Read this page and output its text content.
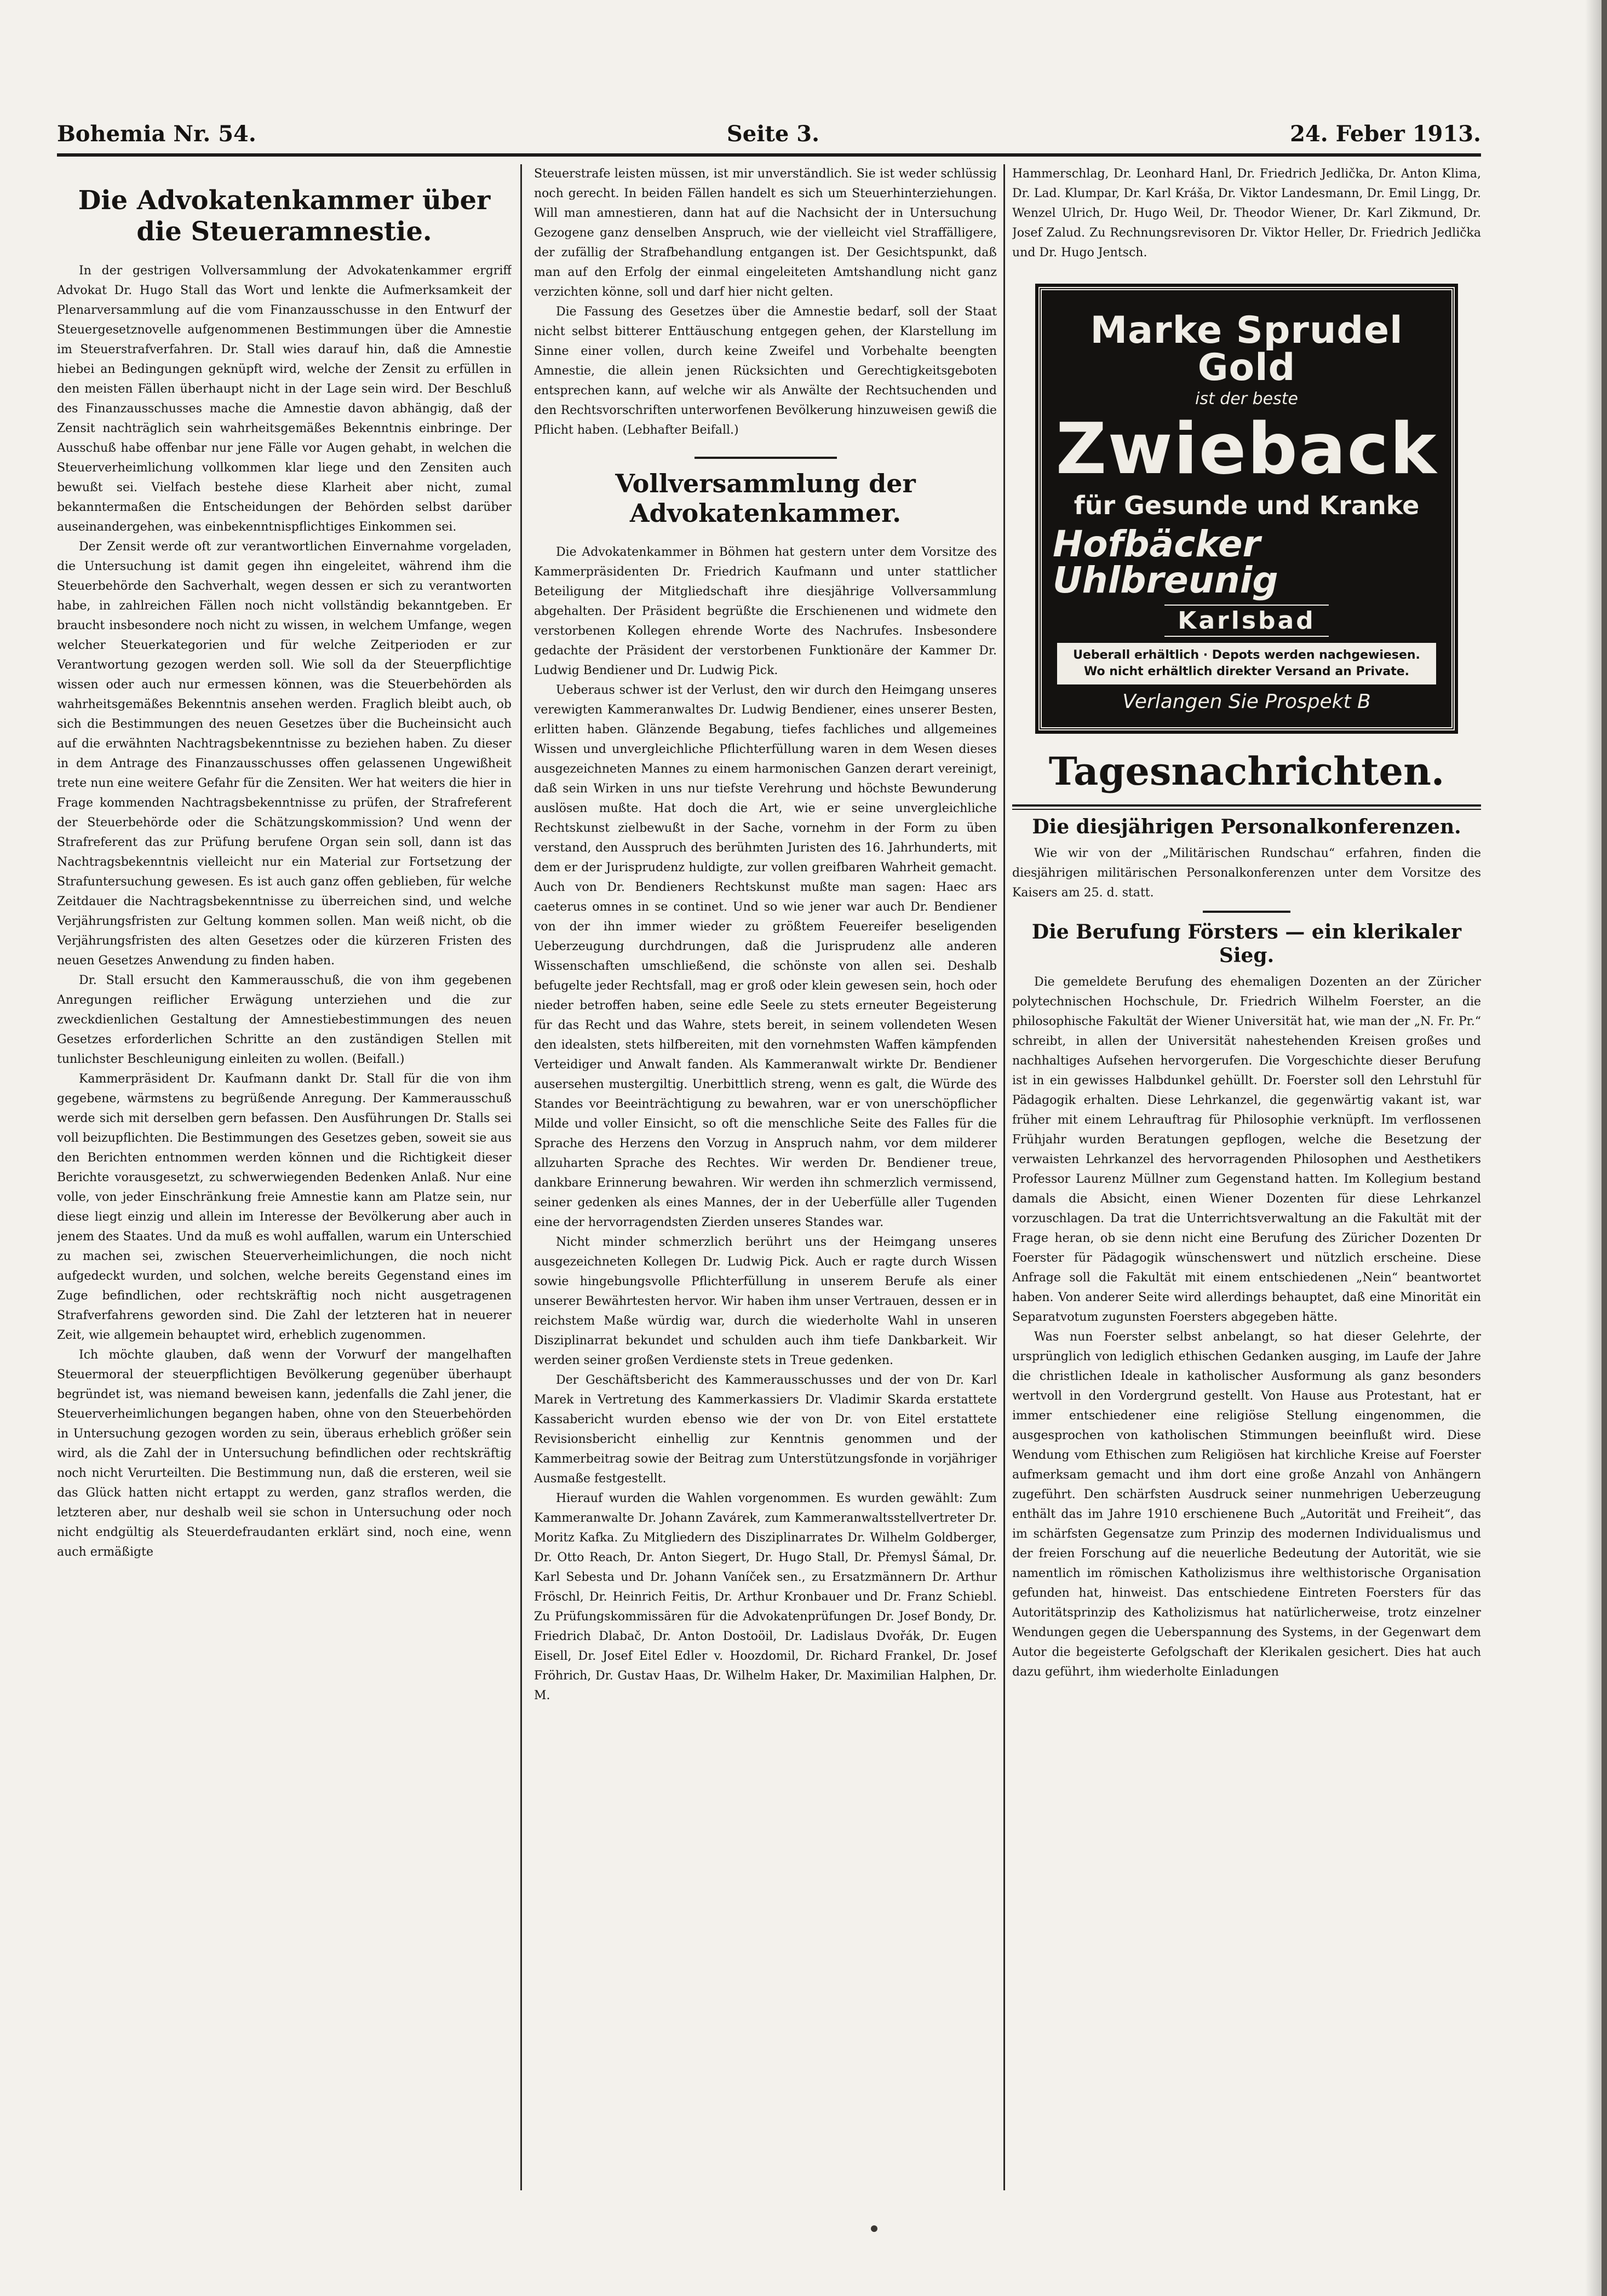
Bohemia Nr. 54.	Seite 3.	24. Feber 1913.
Die Advokatenkammer über die Steueramnestie.

In der gestrigen Vollversammlung der Advokatenkammer ergriff Advokat Dr. Hugo Stall das Wort und lenkte die Aufmerksamkeit der Plenarversammlung auf die vom Finanzausschusse in den Entwurf der Steuergesetznovelle aufgenommenen Bestimmungen über die Amnestie im Steuerstrafverfahren. Dr. Stall wies darauf hin, daß die Amnestie hiebei an Bedingungen geknüpft wird, welche der Zensit zu erfüllen in den meisten Fällen überhaupt nicht in der Lage sein wird. Der Beschluß des Finanzausschusses mache die Amnestie davon abhängig, daß der Zensit nachträglich sein wahrheitsgemäßes Bekenntnis einbringe. Der Ausschuß habe offenbar nur jene Fälle vor Augen gehabt, in welchen die Steuerverheimlichung vollkommen klar liege und den Zensiten auch bewußt sei. Vielfach bestehe diese Klarheit aber nicht, zumal bekanntermaßen die Entscheidungen der Behörden selbst darüber auseinandergehen, was einbekenntnispflichtiges Einkommen sei.

Der Zensit werde oft zur verantwortlichen Einvernahme vorgeladen, die Untersuchung ist damit gegen ihn eingeleitet, während ihm die Steuerbehörde den Sachverhalt, wegen dessen er sich zu verantworten habe, in zahlreichen Fällen noch nicht vollständig bekanntgeben. Er braucht insbesondere noch nicht zu wissen, in welchem Umfange, wegen welcher Steuerkategorien und für welche Zeitperioden er zur Verantwortung gezogen werden soll. Wie soll da der Steuerpflichtige wissen oder auch nur ermessen können, was die Steuerbehörden als wahrheitsgemäßes Bekenntnis ansehen werden. Fraglich bleibt auch, ob sich die Bestimmungen des neuen Gesetzes über die Bucheinsicht auch auf die erwähnten Nachtragsbekenntnisse zu beziehen haben. Zu dieser in dem Antrage des Finanzausschusses offen gelassenen Ungewißheit trete nun eine weitere Gefahr für die Zensiten. Wer hat weiters die hier in Frage kommenden Nachtragsbekenntnisse zu prüfen, der Strafreferent der Steuerbehörde oder die Schätzungskommission? Und wenn der Strafreferent das zur Prüfung berufene Organ sein soll, dann ist das Nachtragsbekenntnis vielleicht nur ein Material zur Fortsetzung der Strafuntersuchung gewesen. Es ist auch ganz offen geblieben, für welche Zeitdauer die Nachtragsbekenntnisse zu überreichen sind, und welche Verjährungsfristen zur Geltung kommen sollen. Man weiß nicht, ob die Verjährungsfristen des alten Gesetzes oder die kürzeren Fristen des neuen Gesetzes Anwendung zu finden haben.

Dr. Stall ersucht den Kammerausschuß, die von ihm gegebenen Anregungen reiflicher Erwägung unterziehen und die zur zweckdienlichen Gestaltung der Amnestiebestimmungen des neuen Gesetzes erforderlichen Schritte an den zuständigen Stellen mit tunlichster Beschleunigung einleiten zu wollen. (Beifall.)

Kammerpräsident Dr. Kaufmann dankt Dr. Stall für die von ihm gegebene, wärmstens zu begrüßende Anregung. Der Kammerausschuß werde sich mit derselben gern befassen. Den Ausführungen Dr. Stalls sei voll beizupflichten. Die Bestimmungen des Gesetzes geben, soweit sie aus den Berichten entnommen werden können und die Richtigkeit dieser Berichte vorausgesetzt, zu schwerwiegenden Bedenken Anlaß. Nur eine volle, von jeder Einschränkung freie Amnestie kann am Platze sein, nur diese liegt einzig und allein im Interesse der Bevölkerung aber auch in jenem des Staates. Und da muß es wohl auffallen, warum ein Unterschied zu machen sei, zwischen Steuerverheimlichungen, die noch nicht aufgedeckt wurden, und solchen, welche bereits Gegenstand eines im Zuge befindlichen, oder rechtskräftig noch nicht ausgetragenen Strafverfahrens geworden sind. Die Zahl der letzteren hat in neuerer Zeit, wie allgemein behauptet wird, erheblich zugenommen.

Ich möchte glauben, daß wenn der Vorwurf der mangelhaften Steuermoral der steuerpflichtigen Bevölkerung gegenüber überhaupt begründet ist, was niemand beweisen kann, jedenfalls die Zahl jener, die Steuerverheimlichungen begangen haben, ohne von den Steuerbehörden in Untersuchung gezogen worden zu sein, überaus erheblich größer sein wird, als die Zahl der in Untersuchung befindlichen oder rechtskräftig noch nicht Verurteilten. Die Bestimmung nun, daß die ersteren, weil sie das Glück hatten nicht ertappt zu werden, ganz straflos werden, die letzteren aber, nur deshalb weil sie schon in Untersuchung oder noch nicht endgültig als Steuerdefraudanten erklärt sind, noch eine, wenn auch ermäßigte

Steuerstrafe leisten müssen, ist mir unverständlich. Sie ist weder schlüssig noch gerecht. In beiden Fällen handelt es sich um Steuerhinterziehungen. Will man amnestieren, dann hat auf die Nachsicht der in Untersuchung Gezogene ganz denselben Anspruch, wie der vielleicht viel Straffälligere, der zufällig der Strafbehandlung entgangen ist. Der Gesichtspunkt, daß man auf den Erfolg der einmal eingeleiteten Amtshandlung nicht ganz verzichten könne, soll und darf hier nicht gelten.

Die Fassung des Gesetzes über die Amnestie bedarf, soll der Staat nicht selbst bitterer Enttäuschung entgegen gehen, der Klarstellung im Sinne einer vollen, durch keine Zweifel und Vorbehalte beengten Amnestie, die allein jenen Rücksichten und Gerechtigkeitsgeboten entsprechen kann, auf welche wir als Anwälte der Rechtsuchenden und den Rechtsvorschriften unterworfenen Bevölkerung hinzuweisen gewiß die Pflicht haben. (Lebhafter Beifall.)

Vollversammlung der Advokatenkammer.

Die Advokatenkammer in Böhmen hat gestern unter dem Vorsitze des Kammerpräsidenten Dr. Friedrich Kaufmann und unter stattlicher Beteiligung der Mitgliedschaft ihre diesjährige Vollversammlung abgehalten. Der Präsident begrüßte die Erschienenen und widmete den verstorbenen Kollegen ehrende Worte des Nachrufes. Insbesondere gedachte der Präsident der verstorbenen Funktionäre der Kammer Dr. Ludwig Bendiener und Dr. Ludwig Pick.

Ueberaus schwer ist der Verlust, den wir durch den Heimgang unseres verewigten Kammeranwaltes Dr. Ludwig Bendiener, eines unserer Besten, erlitten haben. Glänzende Begabung, tiefes fachliches und allgemeines Wissen und unvergleichliche Pflichterfüllung waren in dem Wesen dieses ausgezeichneten Mannes zu einem harmonischen Ganzen derart vereinigt, daß sein Wirken in uns nur tiefste Verehrung und höchste Bewunderung auslösen mußte. Hat doch die Art, wie er seine unvergleichliche Rechtskunst zielbewußt in der Sache, vornehm in der Form zu üben verstand, den Ausspruch des berühmten Juristen des 16. Jahrhunderts, mit dem er der Jurisprudenz huldigte, zur vollen greifbaren Wahrheit gemacht. Auch von Dr. Bendieners Rechtskunst mußte man sagen: Haec ars caeterus omnes in se continet. Und so wie jener war auch Dr. Bendiener von der ihn immer wieder zu größtem Feuereifer beseligenden Ueberzeugung durchdrungen, daß die Jurisprudenz alle anderen Wissenschaften umschließend, die schönste von allen sei. Deshalb befugelte jeder Rechtsfall, mag er groß oder klein gewesen sein, hoch oder nieder betroffen haben, seine edle Seele zu stets erneuter Begeisterung für das Recht und das Wahre, stets bereit, in seinem vollendeten Wesen den idealsten, stets hilfbereiten, mit den vornehmsten Waffen kämpfenden Verteidiger und Anwalt fanden. Als Kammeranwalt wirkte Dr. Bendiener ausersehen mustergiltig. Unerbittlich streng, wenn es galt, die Würde des Standes vor Beeinträchtigung zu bewahren, war er von unerschöpflicher Milde und voller Einsicht, so oft die menschliche Seite des Falles für die Sprache des Herzens den Vorzug in Anspruch nahm, vor dem milderer allzuharten Sprache des Rechtes. Wir werden Dr. Bendiener treue, dankbare Erinnerung bewahren. Wir werden ihn schmerzlich vermissend, seiner gedenken als eines Mannes, der in der Ueberfülle aller Tugenden eine der hervorragendsten Zierden unseres Standes war.

Nicht minder schmerzlich berührt uns der Heimgang unseres ausgezeichneten Kollegen Dr. Ludwig Pick. Auch er ragte durch Wissen sowie hingebungsvolle Pflichterfüllung in unserem Berufe als einer unserer Bewährtesten hervor. Wir haben ihm unser Vertrauen, dessen er in reichstem Maße würdig war, durch die wiederholte Wahl in unseren Disziplinarrat bekundet und schulden auch ihm tiefe Dankbarkeit. Wir werden seiner großen Verdienste stets in Treue gedenken.

Der Geschäftsbericht des Kammerausschusses und der von Dr. Karl Marek in Vertretung des Kammerkassiers Dr. Vladimir Skarda erstattete Kassabericht wurden ebenso wie der von Dr. von Eitel erstattete Revisionsbericht einhellig zur Kenntnis genommen und der Kammerbeitrag sowie der Beitrag zum Unterstützungsfonde in vorjähriger Ausmaße festgestellt.

Hierauf wurden die Wahlen vorgenommen. Es wurden gewählt: Zum Kammeranwalte Dr. Johann Zavárek, zum Kammeranwaltsstellvertreter Dr. Moritz Kafka. Zu Mitgliedern des Disziplinarrates Dr. Wilhelm Goldberger, Dr. Otto Reach, Dr. Anton Siegert, Dr. Hugo Stall, Dr. Přemysl Šámal, Dr. Karl Sebesta und Dr. Johann Vaníček sen., zu Ersatzmännern Dr. Arthur Fröschl, Dr. Heinrich Feitis, Dr. Arthur Kronbauer und Dr. Franz Schiebl. Zu Prüfungskommissären für die Advokatenprüfungen Dr. Josef Bondy, Dr. Friedrich Dlabač, Dr. Anton Dostoöil, Dr. Ladislaus Dvořák, Dr. Eugen Eisell, Dr. Josef Eitel Edler v. Hoozdomil, Dr. Richard Frankel, Dr. Josef Fröhrich, Dr. Gustav Haas, Dr. Wilhelm Haker, Dr. Maximilian Halphen, Dr. M.

Hammerschlag, Dr. Leonhard Hanl, Dr. Friedrich Jedlička, Dr. Anton Klima, Dr. Lad. Klumpar, Dr. Karl Kráša, Dr. Viktor Landesmann, Dr. Emil Lingg, Dr. Wenzel Ulrich, Dr. Hugo Weil, Dr. Theodor Wiener, Dr. Karl Zikmund, Dr. Josef Zalud. Zu Rechnungsrevisoren Dr. Viktor Heller, Dr. Friedrich Jedlička und Dr. Hugo Jentsch.

Marke Sprudel Gold
ist der beste
Zwieback
für Gesunde und Kranke
Hofbäcker Uhlbreunig
Karlsbad
Ueberall erhältlich · Depots werden nachgewiesen.
Wo nicht erhältlich direkter Versand an Private.
Verlangen Sie Prospekt B
Tagesnachrichten.
Die diesjährigen Personalkonferenzen.

Wie wir von der „Militärischen Rundschau“ erfahren, finden die diesjährigen militärischen Personalkonferenzen unter dem Vorsitze des Kaisers am 25. d. statt.

Die Berufung Försters — ein klerikaler Sieg.

Die gemeldete Berufung des ehemaligen Dozenten an der Züricher polytechnischen Hochschule, Dr. Friedrich Wilhelm Foerster, an die philosophische Fakultät der Wiener Universität hat, wie man der „N. Fr. Pr.“ schreibt, in allen der Universität nahestehenden Kreisen großes und nachhaltiges Aufsehen hervorgerufen. Die Vorgeschichte dieser Berufung ist in ein gewisses Halbdunkel gehüllt. Dr. Foerster soll den Lehrstuhl für Pädagogik erhalten. Diese Lehrkanzel, die gegenwärtig vakant ist, war früher mit einem Lehrauftrag für Philosophie verknüpft. Im verflossenen Frühjahr wurden Beratungen gepflogen, welche die Besetzung der verwaisten Lehrkanzel des hervorragenden Philosophen und Aesthetikers Professor Laurenz Müllner zum Gegenstand hatten. Im Kollegium bestand damals die Absicht, einen Wiener Dozenten für diese Lehrkanzel vorzuschlagen. Da trat die Unterrichtsverwaltung an die Fakultät mit der Frage heran, ob sie denn nicht eine Berufung des Züricher Dozenten Dr Foerster für Pädagogik wünschenswert und nützlich erscheine. Diese Anfrage soll die Fakultät mit einem entschiedenen „Nein“ beantwortet haben. Von anderer Seite wird allerdings behauptet, daß eine Minorität ein Separatvotum zugunsten Foersters abgegeben hätte.

Was nun Foerster selbst anbelangt, so hat dieser Gelehrte, der ursprünglich von lediglich ethischen Gedanken ausging, im Laufe der Jahre die christlichen Ideale in katholischer Ausformung als ganz besonders wertvoll in den Vordergrund gestellt. Von Hause aus Protestant, hat er immer entschiedener eine religiöse Stellung eingenommen, die ausgesprochen von katholischen Stimmungen beeinflußt wird. Diese Wendung vom Ethischen zum Religiösen hat kirchliche Kreise auf Foerster aufmerksam gemacht und ihm dort eine große Anzahl von Anhängern zugeführt. Den schärfsten Ausdruck seiner nunmehrigen Ueberzeugung enthält das im Jahre 1910 erschienene Buch „Autorität und Freiheit“, das im schärfsten Gegensatze zum Prinzip des modernen Individualismus und der freien Forschung auf die neuerliche Bedeutung der Autorität, wie sie namentlich im römischen Katholizismus ihre welthistorische Organisation gefunden hat, hinweist. Das entschiedene Eintreten Foersters für das Autoritätsprinzip des Katholizismus hat natürlicherweise, trotz einzelner Wendungen gegen die Ueberspannung des Systems, in der Gegenwart dem Autor die begeisterte Gefolgschaft der Klerikalen gesichert. Dies hat auch dazu geführt, ihm wiederholte Einladungen
